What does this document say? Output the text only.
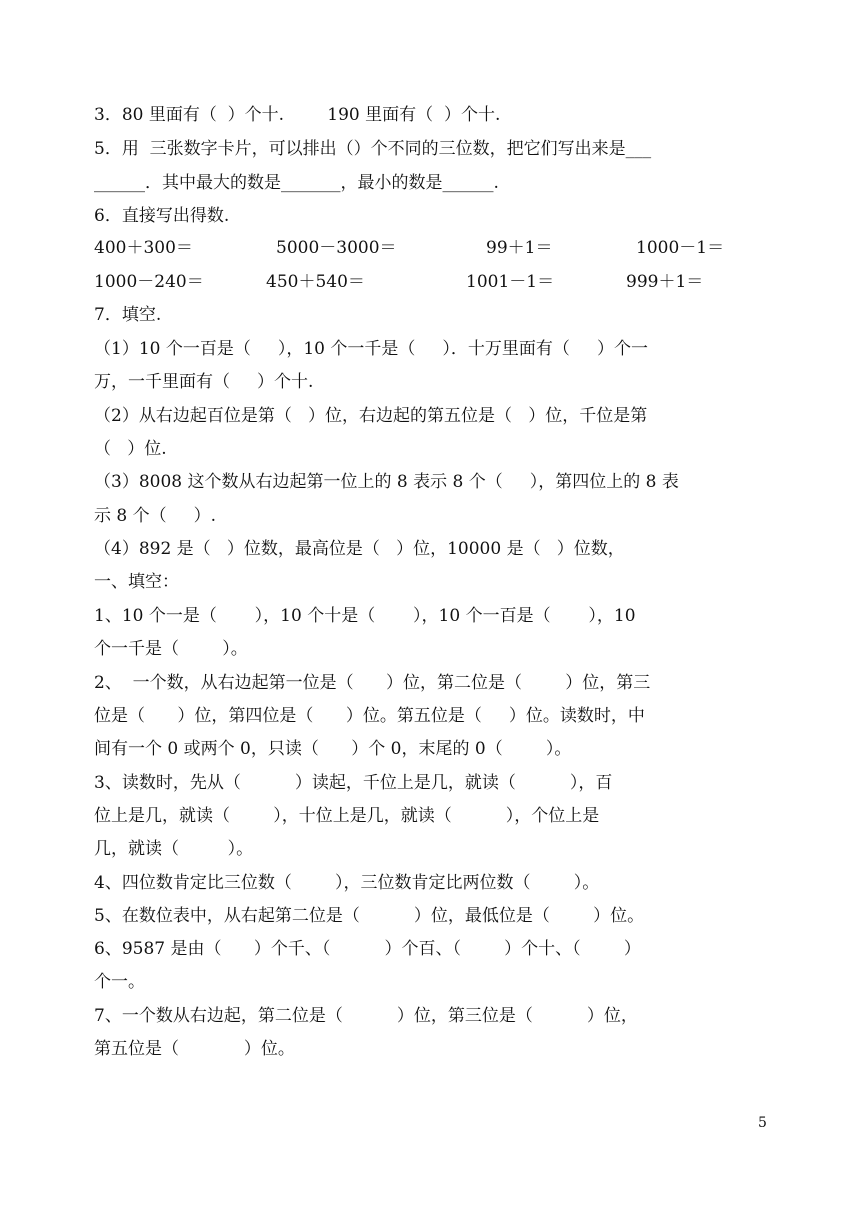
3．80 里面有（  ）个十.        190 里面有（  ）个十.
5．用  三张数字卡片，可以排出（）个不同的三位数，把它们写出来是___
______．其中最大的数是_______，最小的数是______.
6．直接写出得数.
400＋300＝	5000－3000＝	99＋1＝	1000－1＝
1000－240＝	450＋540＝	1001－1＝	999＋1＝
7．填空.
（1）10 个一百是（     ），10 个一千是（     ）．十万里面有（     ）个一
万，一千里面有（     ）个十.
（2）从右边起百位是第（   ）位，右边起的第五位是（   ）位，千位是第
（   ）位.
（3）8008 这个数从右边起第一位上的 8 表示 8 个（     ），第四位上的 8 表
示 8 个（     ）.
（4）892 是（   ）位数，最高位是（   ）位，10000 是（   ）位数，
一、填空：
1、10 个一是（       ），10 个十是（       ），10 个一百是（       ），10
个一千是（        ）。
2、  一个数，从右边起第一位是（      ）位，第二位是（        ）位，第三
位是（      ）位，第四位是（      ）位。第五位是（     ）位。读数时，中
间有一个 0 或两个 0，只读（      ）个 0，末尾的 0（        ）。
3、读数时，先从（          ）读起，千位上是几，就读（          ），百
位上是几，就读（        ），十位上是几，就读（          ），个位上是
几，就读（         ）。
4、四位数肯定比三位数（        ），三位数肯定比两位数（        ）。
5、在数位表中，从右起第二位是（          ）位，最低位是（        ）位。
6、9587 是由（      ）个千、（          ）个百、（        ）个十、（        ）
个一。
7、一个数从右边起，第二位是（          ）位，第三位是（          ）位，
第五位是（            ）位。
5
